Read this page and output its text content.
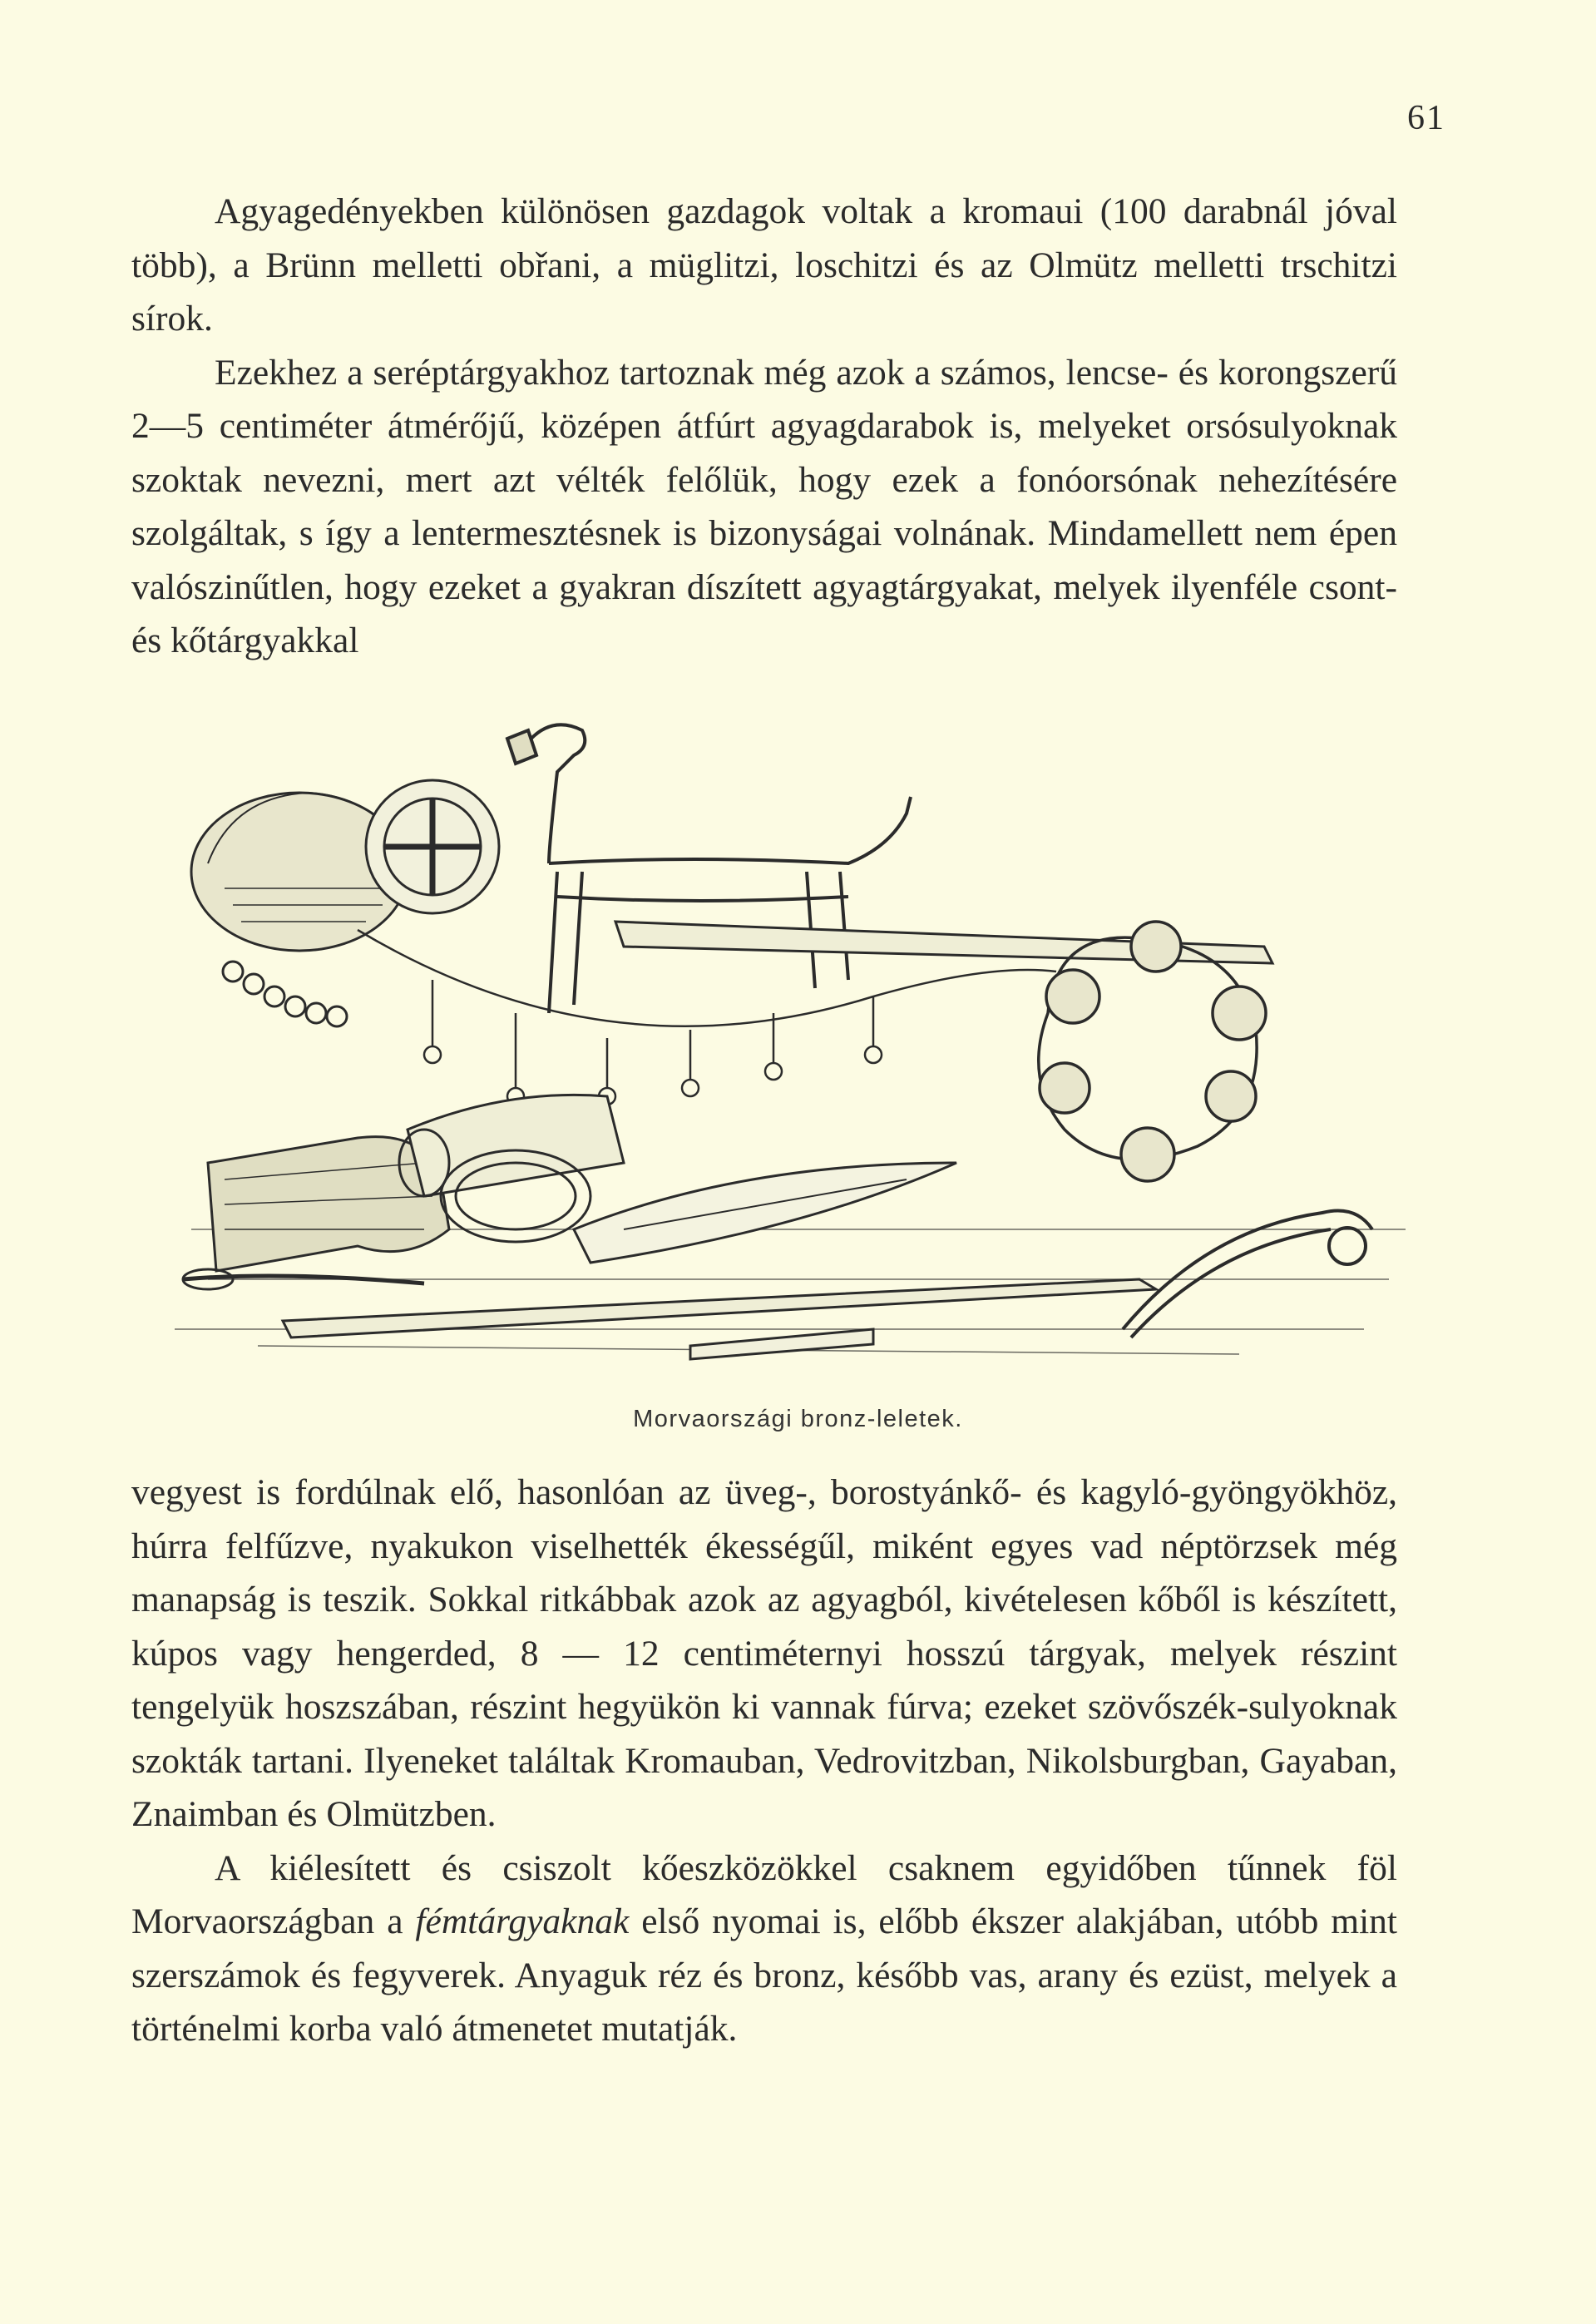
61

Agyagedényekben különösen gazdagok voltak a kromaui (100 darabnál jóval több), a Brünn melletti obřani, a müglitzi, loschitzi és az Olmütz melletti trschitzi sírok.

Ezekhez a seréptárgyakhoz tartoznak még azok a számos, lencse- és korongszerű 2—5 centiméter átmérőjű, középen átfúrt agyagdarabok is, melyeket orsósulyoknak szoktak nevezni, mert azt vélték felőlük, hogy ezek a fonóorsónak nehezítésére szolgáltak, s így a lentermesztésnek is bizonyságai volnának. Mindamellett nem épen valószinűtlen, hogy ezeket a gyakran díszített agyagtárgyakat, melyek ilyenféle csont- és kőtárgyakkal

Morvaországi bronz-leletek.

vegyest is fordúlnak elő, hasonlóan az üveg-, borostyánkő- és kagyló-gyöngyökhöz, húrra felfűzve, nyakukon viselhették ékességűl, miként egyes vad néptörzsek még manapság is teszik. Sokkal ritkábbak azok az agyagból, kivételesen kőből is készített, kúpos vagy hengerded, 8 — 12 centiméternyi hosszú tárgyak, melyek részint tengelyük hoszszában, részint hegyükön ki vannak fúrva; ezeket szövőszék-sulyoknak szokták tartani. Ilyeneket találtak Kromauban, Vedrovitzban, Nikolsburgban, Gayaban, Znaimban és Olmützben.

A kiélesített és csiszolt kőeszközökkel csaknem egyidőben tűnnek föl Morvaországban a fémtárgyaknak első nyomai is, előbb ékszer alakjában, utóbb mint szerszámok és fegyverek. Anyaguk réz és bronz, később vas, arany és ezüst, melyek a történelmi korba való átmenetet mutatják.
